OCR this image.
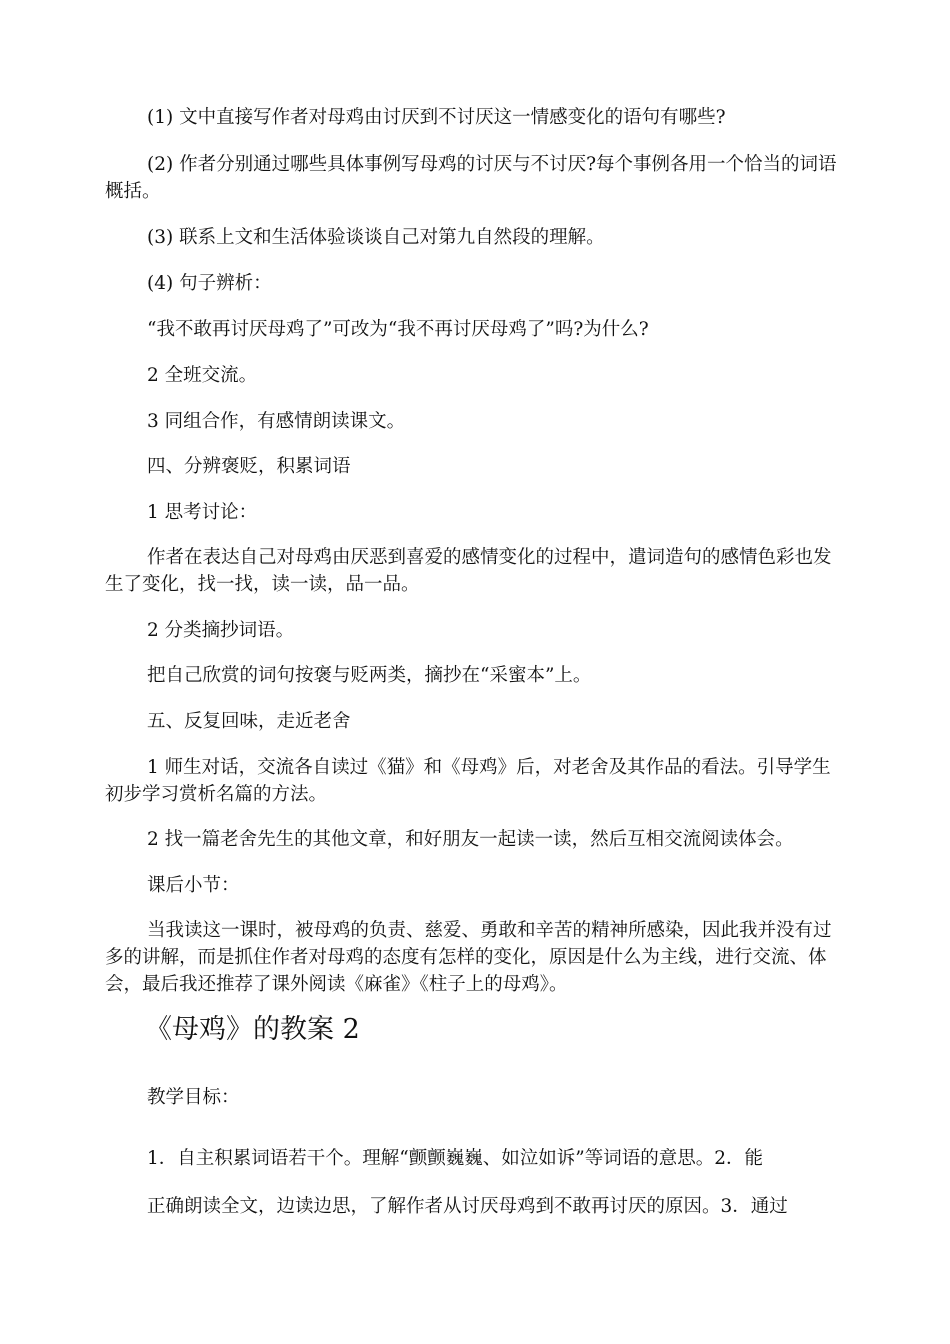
(1) 文中直接写作者对母鸡由讨厌到不讨厌这一情感变化的语句有哪些?

(2) 作者分别通过哪些具体事例写母鸡的讨厌与不讨厌?每个事例各用一个恰当的词语概括。

(3) 联系上文和生活体验谈谈自己对第九自然段的理解。

(4) 句子辨析：

“我不敢再讨厌母鸡了”可改为“我不再讨厌母鸡了”吗?为什么?

2 全班交流。

3 同组合作，有感情朗读课文。

四、分辨褒贬，积累词语

1 思考讨论：

作者在表达自己对母鸡由厌恶到喜爱的感情变化的过程中，遣词造句的感情色彩也发生了变化，找一找，读一读，品一品。

2 分类摘抄词语。

把自己欣赏的词句按褒与贬两类，摘抄在“采蜜本”上。

五、反复回味，走近老舍

1 师生对话，交流各自读过《猫》和《母鸡》后，对老舍及其作品的看法。引导学生初步学习赏析名篇的方法。

2 找一篇老舍先生的其他文章，和好朋友一起读一读，然后互相交流阅读体会。

课后小节：

当我读这一课时，被母鸡的负责、慈爱、勇敢和辛苦的精神所感染，因此我并没有过多的讲解，而是抓住作者对母鸡的态度有怎样的变化，原因是什么为主线，进行交流、体会，最后我还推荐了课外阅读《麻雀》《柱子上的母鸡》。

《母鸡》的教案 2

教学目标：

1．自主积累词语若干个。理解“颤颤巍巍、如泣如诉”等词语的意思。2．能

正确朗读全文，边读边思，了解作者从讨厌母鸡到不敢再讨厌的原因。3．通过
